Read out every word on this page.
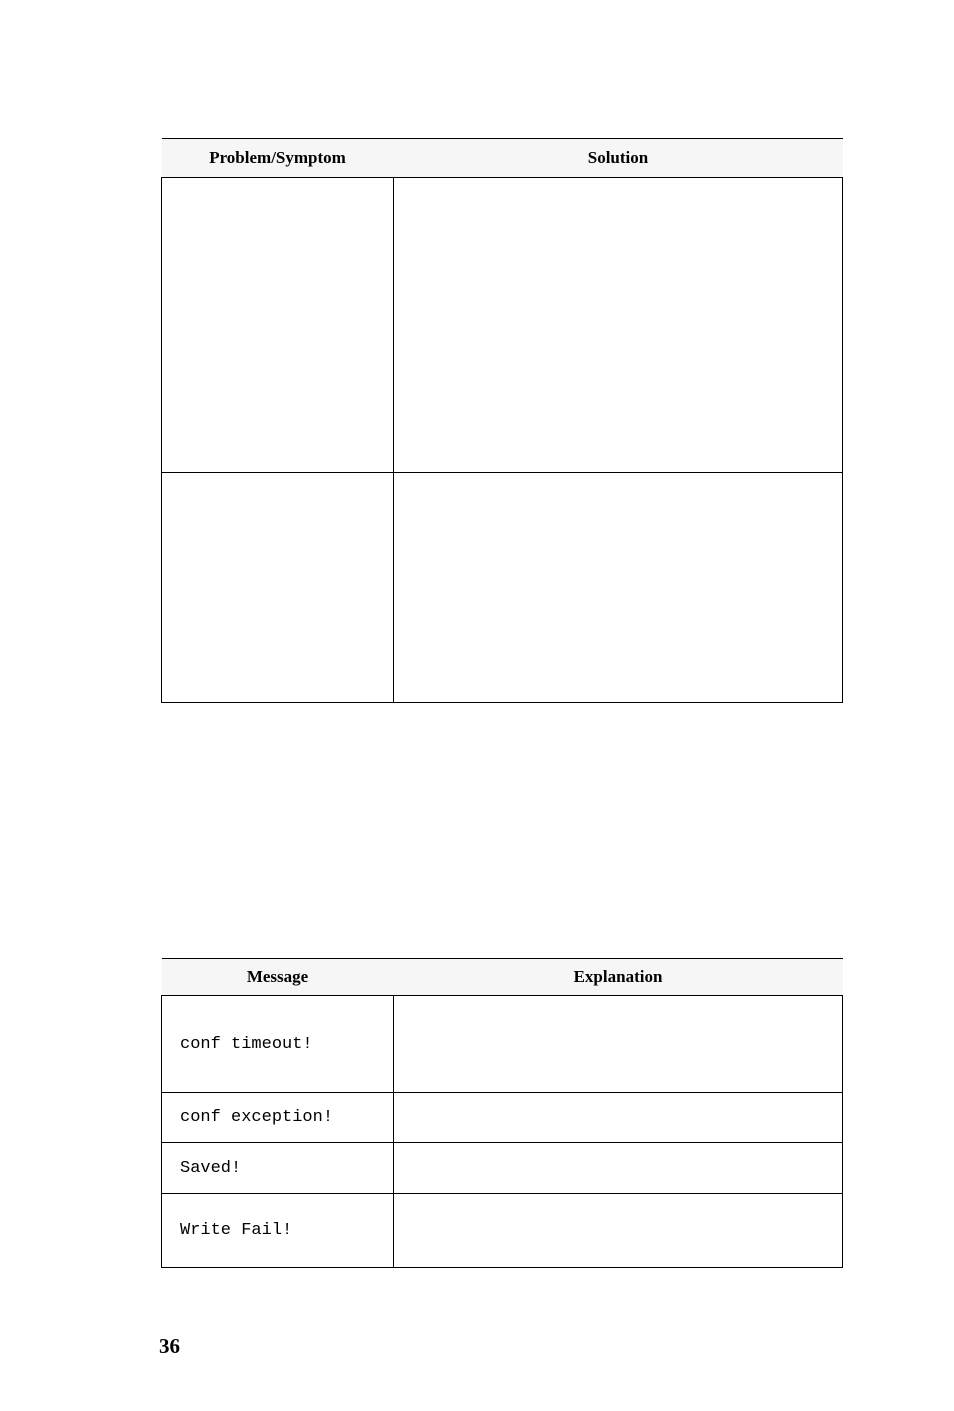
Problem/Symptom	Solution

Message	Explanation
conf timeout!	
conf exception!	
Saved!	
Write Fail!	
36
